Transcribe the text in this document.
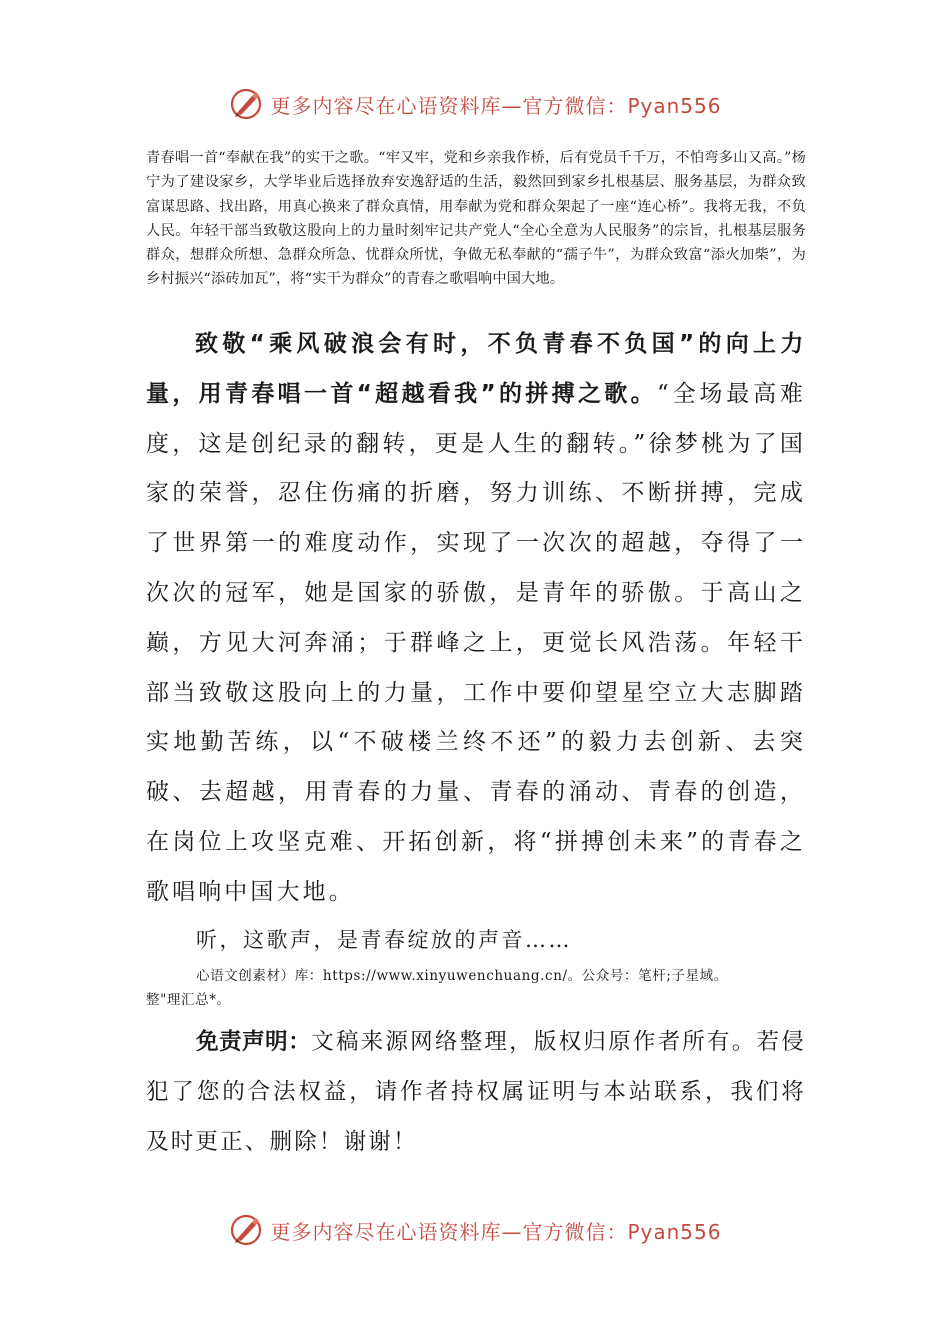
更多内容尽在心语资料库—官方微信：Pyan556
青春唱一首“奉献在我”的实干之歌。“牢又牢，党和乡亲我作桥，后有党员千千万，不怕弯多山又高。”杨宁为了建设家乡，大学毕业后选择放弃安逸舒适的生活，毅然回到家乡扎根基层、服务基层，为群众致富谋思路、找出路，用真心换来了群众真情，用奉献为党和群众架起了一座“连心桥”。我将无我，不负人民。年轻干部当致敬这股向上的力量时刻牢记共产党人“全心全意为人民服务”的宗旨，扎根基层服务群众，想群众所想、急群众所急、忧群众所忧，争做无私奉献的“孺子牛”，为群众致富“添火加柴”，为乡村振兴“添砖加瓦”，将“实干为群众”的青春之歌唱响中国大地。

致敬“乘风破浪会有时，不负青春不负国”的向上力量，用青春唱一首“超越看我”的拼搏之歌。“全场最高难度，这是创纪录的翻转，更是人生的翻转。”徐梦桃为了国家的荣誉，忍住伤痛的折磨，努力训练、不断拼搏，完成了世界第一的难度动作，实现了一次次的超越，夺得了一次次的冠军，她是国家的骄傲，是青年的骄傲。于高山之巅，方见大河奔涌；于群峰之上，更觉长风浩荡。年轻干部当致敬这股向上的力量，工作中要仰望星空立大志脚踏实地勤苦练，以“不破楼兰终不还”的毅力去创新、去突破、去超越，用青春的力量、青春的涌动、青春的创造，在岗位上攻坚克难、开拓创新，将“拼搏创未来”的青春之歌唱响中国大地。

听，这歌声，是青春绽放的声音……
心语文创素材）库：https://www.xinyuwenchuang.cn/。公众号：笔杆;子星域。
整"理汇总*。

免责声明：文稿来源网络整理，版权归原作者所有。若侵犯了您的合法权益，请作者持权属证明与本站联系，我们将及时更正、删除！谢谢！

更多内容尽在心语资料库—官方微信：Pyan556
